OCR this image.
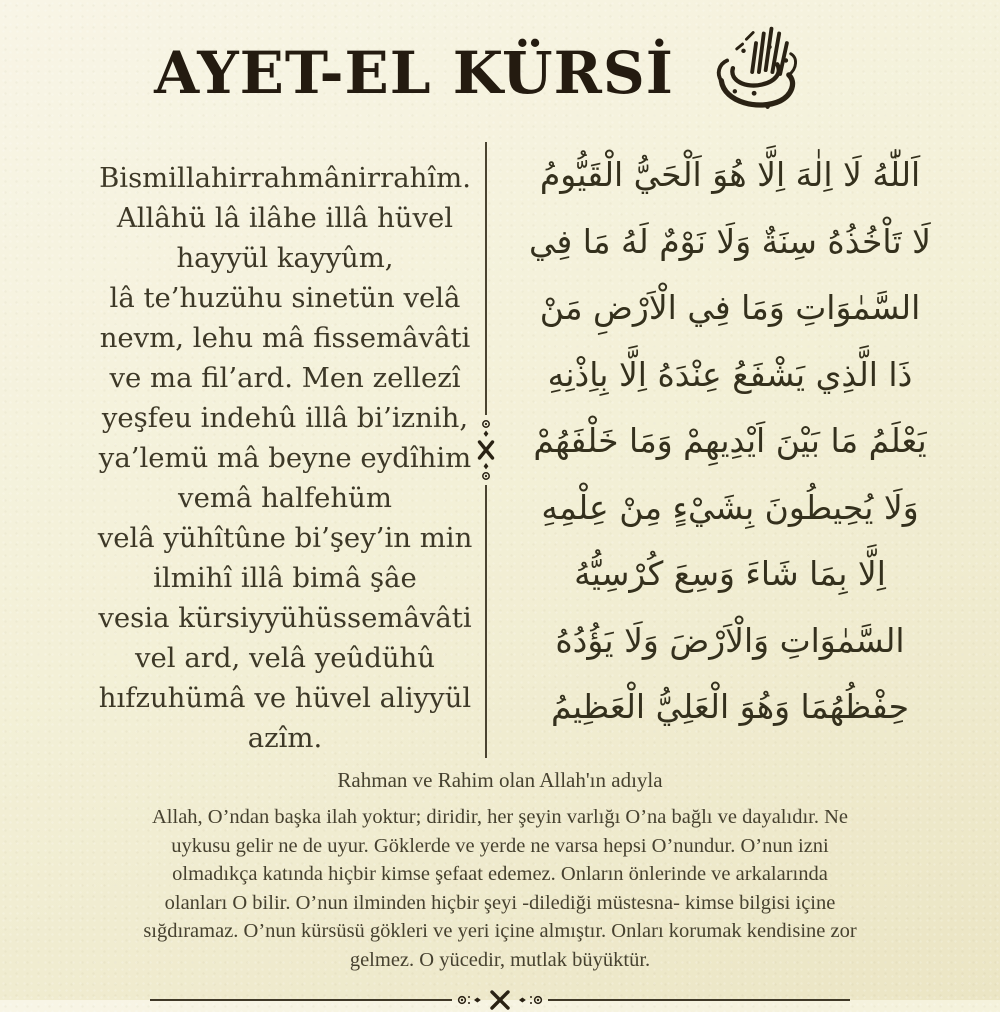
AYET-EL KÜRSİ
Bismillahirrahmânirrahîm.
Allâhü lâ ilâhe illâ hüvel
hayyül kayyûm,
lâ te’huzühu sinetün velâ
nevm, lehu mâ fissemâvâti
ve ma fil’ard. Men zellezî
yeşfeu indehû illâ bi’iznih,
ya’lemü mâ beyne eydîhim
vemâ halfehüm
velâ yühîtûne bi’şey’in min
ilmihî illâ bimâ şâe
vesia kürsiyyühüssemâvâti
vel ard, velâ yeûdühû
hıfzuhümâ ve hüvel aliyyül
azîm.
اَللّٰهُ لَا اِلٰهَ اِلَّا هُوَ اَلْحَيُّ الْقَيُّومُ
لَا تَاْخُذُهُ سِنَةٌ وَلَا نَوْمٌ لَهُ مَا فِي
السَّمٰوَاتِ وَمَا فِي الْاَرْضِ مَنْ
ذَا الَّذِي يَشْفَعُ عِنْدَهُ اِلَّا بِاِذْنِهِ
يَعْلَمُ مَا بَيْنَ اَيْدِيهِمْ وَمَا خَلْفَهُمْ
وَلَا يُحِيطُونَ بِشَيْءٍ مِنْ عِلْمِهِ
اِلَّا بِمَا شَاءَ وَسِعَ كُرْسِيُّهُ
السَّمٰوَاتِ وَالْاَرْضَ وَلَا يَؤُدُهُ
حِفْظُهُمَا وَهُوَ الْعَلِيُّ الْعَظِيمُ

Rahman ve Rahim olan Allah'ın adıyla

Allah, O’ndan başka ilah yoktur; diridir, her şeyin varlığı O’na bağlı ve dayalıdır. Ne uykusu gelir ne de uyur. Göklerde ve yerde ne varsa hepsi O’nundur. O’nun izni olmadıkça katında hiçbir kimse şefaat edemez. Onların önlerinde ve arkalarında olanları O bilir. O’nun ilminden hiçbir şeyi -dilediği müstesna- kimse bilgisi içine sığdıramaz. O’nun kürsüsü gökleri ve yeri içine almıştır. Onları korumak kendisine zor gelmez. O yücedir, mutlak büyüktür.
